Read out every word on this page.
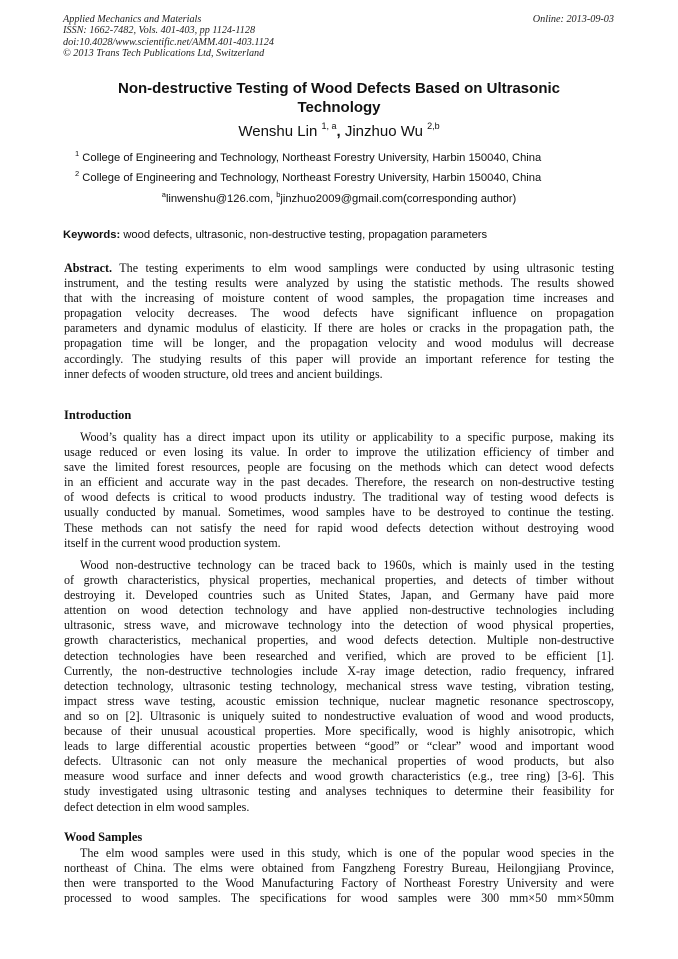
Applied Mechanics and Materials
ISSN: 1662-7482, Vols. 401-403, pp 1124-1128
doi:10.4028/www.scientific.net/AMM.401-403.1124
© 2013 Trans Tech Publications Ltd, Switzerland
Online: 2013-09-03
Non-destructive Testing of Wood Defects Based on Ultrasonic
Technology
Wenshu Lin $^{1, a}$, Jinzhuo Wu $^{2,b}$
$^1$ College of Engineering and Technology, Northeast Forestry University, Harbin 150040, China
$^2$ College of Engineering and Technology, Northeast Forestry University, Harbin 150040, China
$^a$linwenshu@126.com, $^b$jinzhuo2009@gmail.com(corresponding author)
Keywords: wood defects, ultrasonic, non-destructive testing, propagation parameters
Abstract. The testing experiments to elm wood samplings were conducted by using ultrasonic testing
instrument, and the testing results were analyzed by using the statistic methods. The results showed
that with the increasing of moisture content of wood samples, the propagation time increases and
propagation velocity decreases. The wood defects have significant influence on propagation
parameters and dynamic modulus of elasticity. If there are holes or cracks in the propagation path, the
propagation time will be longer, and the propagation velocity and wood modulus will decrease
accordingly. The studying results of this paper will provide an important reference for testing the
inner defects of wooden structure, old trees and ancient buildings.
Introduction
Wood’s quality has a direct impact upon its utility or applicability to a specific purpose, making its
usage reduced or even losing its value. In order to improve the utilization efficiency of timber and
save the limited forest resources, people are focusing on the methods which can detect wood defects
in an efficient and accurate way in the past decades. Therefore, the research on non-destructive testing
of wood defects is critical to wood products industry. The traditional way of testing wood defects is
usually conducted by manual. Sometimes, wood samples have to be destroyed to continue the testing.
These methods can not satisfy the need for rapid wood defects detection without destroying wood
itself in the current wood production system.
Wood non-destructive technology can be traced back to 1960s, which is mainly used in the testing
of growth characteristics, physical properties, mechanical properties, and detects of timber without
destroying it. Developed countries such as United States, Japan, and Germany have paid more
attention on wood detection technology and have applied non-destructive technologies including
ultrasonic, stress wave, and microwave technology into the detection of wood physical properties,
growth characteristics, mechanical properties, and wood defects detection. Multiple non-destructive
detection technologies have been researched and verified, which are proved to be efficient [1].
Currently, the non-destructive technologies include X-ray image detection, radio frequency, infrared
detection technology, ultrasonic testing technology, mechanical stress wave testing, vibration testing,
impact stress wave testing, acoustic emission technique, nuclear magnetic resonance spectroscopy,
and so on [2]. Ultrasonic is uniquely suited to nondestructive evaluation of wood and wood products,
because of their unusual acoustical properties. More specifically, wood is highly anisotropic, which
leads to large differential acoustic properties between “good” or “clear” wood and important wood
defects. Ultrasonic can not only measure the mechanical properties of wood products, but also
measure wood surface and inner defects and wood growth characteristics (e.g., tree ring) [3-6]. This
study investigated using ultrasonic testing and analyses techniques to determine their feasibility for
defect detection in elm wood samples.
Wood Samples
The elm wood samples were used in this study, which is one of the popular wood species in the
northeast of China. The elms were obtained from Fangzheng Forestry Bureau, Heilongjiang Province,
then were transported to the Wood Manufacturing Factory of Northeast Forestry University and were
processed to wood samples. The specifications for wood samples were 300 mm×50 mm×50mm
